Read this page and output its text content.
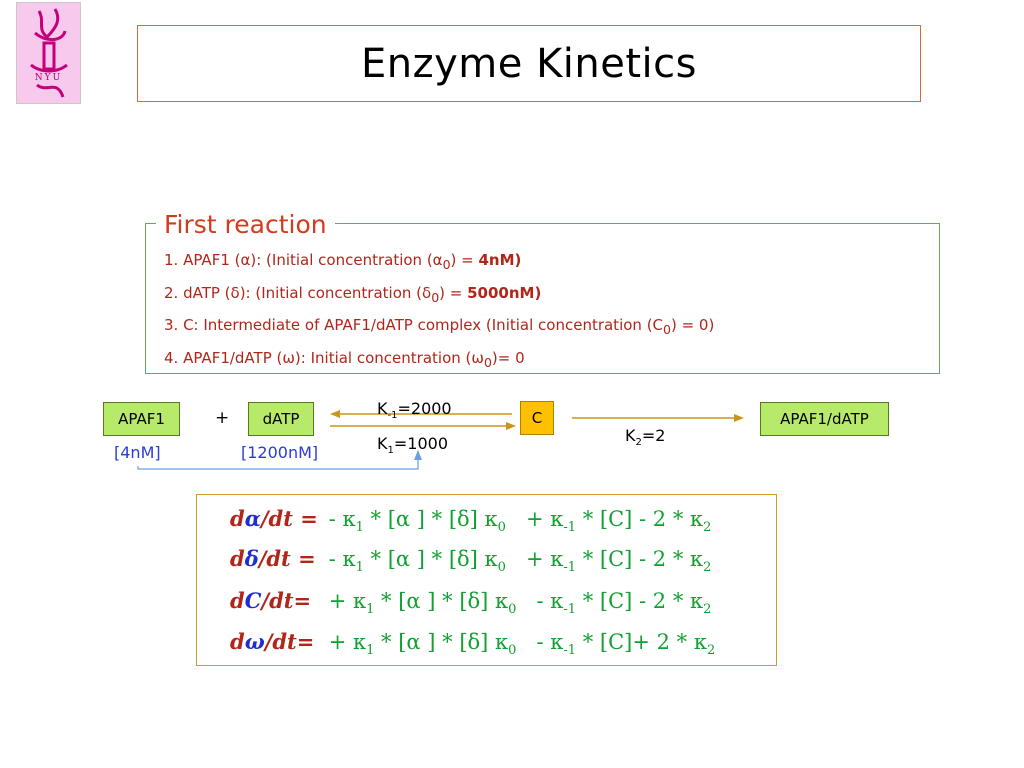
NYU	Enzyme Kinetics
First reaction
1. APAF1 (α): (Initial concentration $(\alpha_0) = 4nM$)
2. dATP (δ): (Initial concentration $(\delta_0) = 5000nM$)
3. C: Intermediate of APAF1/dATP complex (Initial concentration $(C_0) = 0$)
4. APAF1/dATP (ω): Initial concentration $(\omega_0)= 0$
APAF1	+	dATP	C	APAF1/dATP
[4nM]	[1200nM]
$K_{-1}=2000$
$K_1=1000$	$K_2=2$
dα/dt = - $\kappa_1 * [\alpha$ ] * [δ] $\kappa_0 + \kappa_{-1} * [C] - 2 * \kappa_2$
dδ/dt = - $\kappa_1 * [\alpha$ ] * [δ] $\kappa_0 + \kappa_{-1} * [C] - 2 * \kappa_2$
$dC/dt= + \kappa_1 * [\alpha$ ] * [δ] $\kappa_0 - \kappa_{-1} * [C] - 2 * \kappa_2$
$d\omega/dt= + \kappa_1 * [\alpha$ ] * [δ] $\kappa_0 - \kappa_{-1} * [C]+ 2 * \kappa_2$
